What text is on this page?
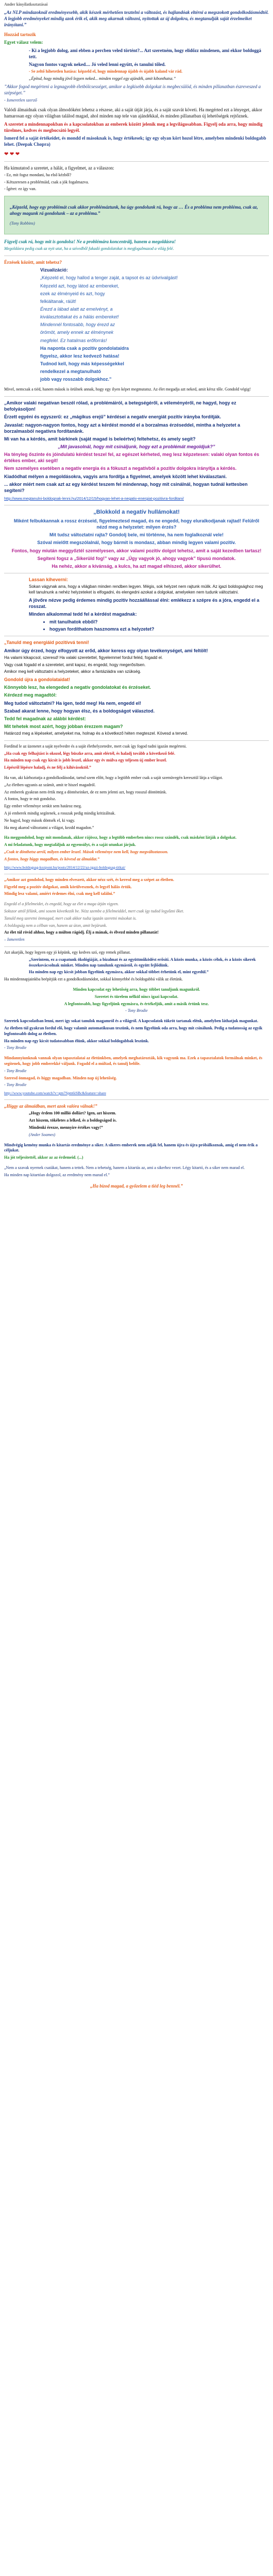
Ander kinyilatkoztatásai

„Az NLP mindazoknál eredményesebb, akik készek mérhetően tesztelni a változást, és hajlandóak eltérni a megszokott gondolkodásmódtól. A legjobb eredményeket mindig azok érik el, akik meg akarnak változni, nyitottak az új dolgokra, és megtanulják saját érzelmeiket irányítani.”

Hozzád tartozik

Egyet válasz velem:

- Ki a legjobb dolog, ami ebben a percben veled történt?... Azt szeretném, hogy elidőzz mindenen, ami ekkor boldoggá tett.

Nagyon fontos vagyok neked.... Jó veled lenni együtt, és tanulni tőled.

- Se zeltő hihetetlen hatása: képzeld el, hogy mindennap újabb és újabb kaland vár rád.

„Építsd, hogy mindig jövő legyen neked... minden reggel egy ajándék, amit kibonthatsz.”

”Akkor fogod megérteni a legnagyobb életbölcsességet, amikor a legkisebb dolgokat is megbecsülöd, és minden pillanatban észreveszed a szépséget.”

- Ismeretlen szerző

Valódi álmaidnak csak olyan álmodóként lehetsz a részese, aki a saját útját járja, és a saját szavát követi. Ha megérted ezt a lényeget, akkor hamarosan egy olyan világban találod magad, ahol minden nap tele van ajándékkal, és minden pillanatban új lehetőségek rejtőznek.

A szeretet a mindennapokban és a kapcsolatokban az emberek között jelenik meg a legvilágosabban. Figyelj oda arra, hogy mindig türelmes, kedves és megbocsátó legyél.

Ismerd fel a saját értékeidet, és mondd el másoknak is, hogy értékesek; így egy olyan kört hozol létre, amelyben mindenki boldogabb lehet. (Deepak Chopra)

❤ ❤ ❤

Ha kimutatod a szeretet, a hálát, a figyelmet, az a válaszon:

- Ez, mit fogsz mondani, ha első kézből?

- Kétszeresen a problémáid, csak a jók fogalmazva.

- Ígéret: ez így van.

„Képzeld, hogy egy problémát csak akkor problémáztunk, ha úgy gondolunk rá, hogy az … És a probléma nem probléma, csak az, ahogy magunk rá gondolunk – az a probléma.”

(Tony Robbins)

Figyelj csak rá, hogy mit is gondolsz! Ne a problémára koncentrálj, hanem a megoldásra!

Megoldásra pedig csak az nyit utat, ha a szívedből fakadó gondolatokat is megfogalmazod a világ felé.

Érzések között, amit tehetsz?

Vizualizáció:

„Képzeld el, hogy hallod a tenger zaját, a tapsot és az üdvrivalgást!

Képzeld azt, hogy látod az embereket,

ezek az élményeid és azt, hogy

felkiáltanak, ráült!

Érezd a lábad alatt az emelvényt, a

kiválasztottakat és a hálás embereket!

Mindennél fontosabb, hogy érezd az

örömöt, amely ennek az élménynek

megfelel. Ez hatalmas erőforrás!

Ha naponta csak a pozitív gondolataidra

figyelsz, akkor lesz kedvező hatása!

Tudnod kell, hogy más képességekkel

rendelkezel a megtanulható

jobb vagy rosszabb dolgokhoz.”

Mivel, nemcsak a tiéd, hanem mások is örülnek annak, hogy egy ilyen képet megmutatsz. Az élet megadja azt neked, amit kérsz tőle. Gondold végig!

„Amikor valaki negatívan beszél rólad, a problémáiról, a betegségéről, a véleményéről, ne hagyd, hogy ez befolyásoljon!

Érzett egyéni és egyszerű: ez „mágikus erejű” kérdései a negatív energiát pozitív irányba fordítják.

Javaslat: nagyon-nagyon fontos, hogy azt a kérdést mondd el a borzalmas érzéseddel, mintha a helyzetet a borzalmasból negatívra fordítanánk.

Mi van ha a kérdés, amit bárkinek (saját magad is beleértve) feltehetsz, és amely segít?

„Mit javasolnál, hogy mit csináljunk, hogy ezt a problémát megoldjuk?”

Ha tényleg őszinte és jóindulatú kérdést teszel fel, az egészet kérheted, meg lesz képzetesen: valaki olyan fontos és értékes ember, aki segít!

Nem személyes esetében a negatív energia és a fókuszt a negatívból a pozitív dolgokra irányítja a kérdés.

Kiadódhat mélyen a megoldásokra, vagyis arra fordítja a figyelmet, amelyek között lehet kiválasztani.

... akkor miért nem csak azt az egy kérdést teszem fel mindennap, hogy mit csinálnál, hogyan tudnál kettesben segíteni?

http://www.megtanulni-boldognak-lenni.hu/2014/12/15/hogyan-lehet-a-negativ-energiat-pozitivra-forditani/

„Blokkold a negatív hullámokat!

Miként felbukkannak a rossz érzéseid, figyelmeztesd magad, és ne engedd, hogy eluralkodjanak rajtad! Felülről nézd meg a helyzetet: milyen érzés?

Mit tudsz változtatni rajta? Gondolj bele, mi történne, ha nem foglalkoznál vele!

Szóval mielőtt megszólalnál, hogy bármit is mondasz, abban mindig legyen valami pozitív.

Fontos, hogy miután meggyőztél személyesen, akkor valami pozitív dolgot tehetsz, amit a saját kezedben tartasz!

Segíteni fogsz a „Sikerüld fog!” vagy az „Úgy vagyok jó, ahogy vagyok” típusú mondatok.

Ha nehéz, akkor a kívánság, a kulcs, ha azt magad elhiszed, akkor sikerülhet.

Lassan kiheverni:

Sokan vágynak arra, hogy a világban minden rendben legyen. Mégis, sok helyzet nem rajtunk múlik. Az igazi boldogsághoz meg kell tanulnunk a nehéz helyzeteket is elfogadni, és elengedni azokat a dolgokat, amelyeken nem tudunk változtatni.

A jövőre nézve pedig érdemes mindig pozitív hozzáállással élni: emlékezz a szépre és a jóra, engedd el a rosszat.

Minden alkalommal tedd fel a kérdést magadnak:

• mit tanulhatok ebből?
• hogyan fordíthatom hasznomra ezt a helyzetet?

„Tanuld meg energiáid pozitívvá tenni!

Amikor úgy érzed, hogy elfogyott az erőd, akkor keress egy olyan tevékenységet, ami feltölt!

Ha valami kikapcsol, szeresd! Ha valaki szeretettel, figyelemmel fordul feléd, fogadd el.

Vagy csak fogadd el a szeretetet, amit kapsz, és engedd, hogy megerősítsen.

Amikor meg kell változtatni a helyzeteket, akkor a fantáziádra van szükség.

Gondold újra a gondolataidat!

Könnyebb lesz, ha elengeded a negatív gondolatokat és érzéseket.

Kérdezd meg magadtól:

Meg tudod változtatni? Ha igen, tedd meg! Ha nem, engedd el!

Szabad akarat lenne, hogy hogyan élsz, és a boldogságot választod.

Tedd fel magadnak az alábbi kérdést:

Mit tehetek most azért, hogy jobban érezzem magam?

Határozd meg a lépéseket, amelyeket ma, holnap és a következő héten megteszel. Kövesd a terved.

Fordítsd le az üzenetet a saját nyelvedre és a saját élethelyzetedre, mert csak így fogod tudni igazán megérteni.

„Ha csak egy felhajtást is okozol, légy büszke arra, amit elértél, és haladj tovább a következő felé.

Ha minden nap csak egy kicsit is jobb leszel, akkor egy év múlva egy teljesen új ember leszel.

Lépésről lépésre haladj, és ne félj a kihívásoktól.”

Ha van, aki kárhoztatja a gondolkodásodat, tartsd szem előtt, hogy a legtöbb ember csak a saját szemüvegén keresztül látja a világot.

„Az életben ugyanis az számít, amit te hiszel magadról.

Az emberek gyakran nem értik meg a döntéseinket, de ez nem jelenti azt, hogy rosszul döntöttünk.

A fontos, hogy te mit gondolsz.

Egy ember véleménye senkit sem határoz meg.

A jó emberek mindig segítenek, a rosszak pedig mindig kritizálnak.

Ne hagyd, hogy mások döntsék el, ki vagy.

Ha meg akarod változtatni a világot, kezdd magadon.”

Ha meggondolod, hogy mit mondanak, akkor rájössz, hogy a legtöbb emberben nincs rossz szándék, csak másként látják a dolgokat.

A mi feladatunk, hogy megtaláljuk az egyensúlyt, és a saját utunkat járjuk.

„Csak te dönthetsz arról, milyen ember leszel. Mások véleménye nem kell, hogy megváltoztasson.

A fontos, hogy higgy magadban, és kövesd az álmaidat.”

http://www.boldogsag-kozpont.hu/posts/2014/12/22/az-igazi-boldogsag-titkai/

„Amikor azt gondolod, hogy minden elveszett, akkor nézz szét, és keresd meg a szépet az életben.

Figyeld meg a pozitív dolgokat, amik körülvesznek, és legyél hálás értük.

Mindig lesz valami, amiért érdemes élni, csak meg kell találni.”

Engedd el a félelmeidet, és engedd, hogy az élet a maga útján vigyen.

Sokszor attól félünk, ami sosem következik be. Nézz szembe a félelmeiddel, mert csak így tudod legyőzni őket.

Tanuld meg szeretni önmagad, mert csak akkor tudsz igazán szeretni másokat is.

A boldogság nem a célban van, hanem az úton, amit bejárunk.

Az élet túl rövid ahhoz, hogy a múlton rágódj. Élj a mának, és élvezd minden pillanatát!

– Ismeretlen

Azt akarják, hogy legyen egy jó képünk, egy kedves szó, egy remek pillanat.

„Szerintem, ez a csapatunk ökológiáját, a bizalmat és az együttműködést erősíti. A közös munka, a közös célok, és a közös sikerek összekovácsolnak minket. Minden nap tanulunk egymástól, és együtt fejlődünk.

Ha minden nap egy kicsit jobban figyelünk egymásra, akkor sokkal többet érhetünk el, mint egyedül.”

Ha mindennapjainkba beépítjük ezt a gondolkodásmódot, sokkal könnyebbé és boldogabbá válik az életünk.

Minden kapcsolat egy lehetőség arra, hogy többet tanuljunk magunkról.

Szeretet és türelem nélkül nincs igazi kapcsolat.

A legfontosabb, hogy figyeljünk egymásra, és értékeljük, amit a másik értünk tesz.

- Tony Brodie

Szeretek kapcsolatban lenni, mert így sokat tanulok magamról és a világról. A kapcsolatok tükröt tartanak elénk, amelyben láthatjuk magunkat.

Az életben túl gyakran fordul elő, hogy valamit automatikusan teszünk, és nem figyelünk oda arra, hogy mit csinálunk. Pedig a tudatosság az egyik legfontosabb dolog az életben.

Ha minden nap egy kicsit tudatosabban élünk, akkor sokkal boldogabbak leszünk.

- Tony Brodie

Mindannyiunknak vannak olyan tapasztalatai az életünkben, amelyek meghatározták, kik vagyunk ma. Ezek a tapasztalatok formálnak minket, és segítenek, hogy jobb emberekké váljunk. Fogadd el a múltad, és tanulj belőle.

- Tony Brodie

Szeresd önmagad, és higgy magadban. Minden nap új lehetőség.

- Tony Brodie

http://www.youtube.com/watch?v=gm7Spm6iSBc&feature=share

„Higgy az álmaidban, mert azok valóra válnak!”

„Hogy érdem 100 millió dollárt? Igen, azt hiszem.

Azt hiszem, tökéletes a lelked, és a boldogságod is.

Mindenki érezze, mennyire értékes vagy!”

(Ander Soames)

Mindvégig kemény munka és kitartás eredménye a siker. A sikeres emberek nem adják fel, hanem újra és újra próbálkoznak, amíg el nem érik a céljukat.

Ha jót teljesítettél, akkor az az érdemeid. (...)

„Nem a szavak nyernek csatákat, hanem a tettek. Nem a tehetség, hanem a kitartás az, ami a sikerhez vezet. Légy kitartó, és a siker nem marad el.

Ha minden nap kitartóan dolgozol, az eredmény nem marad el.”

„Ha bízod magad, a győzelem a tiéd leg bennél.”
